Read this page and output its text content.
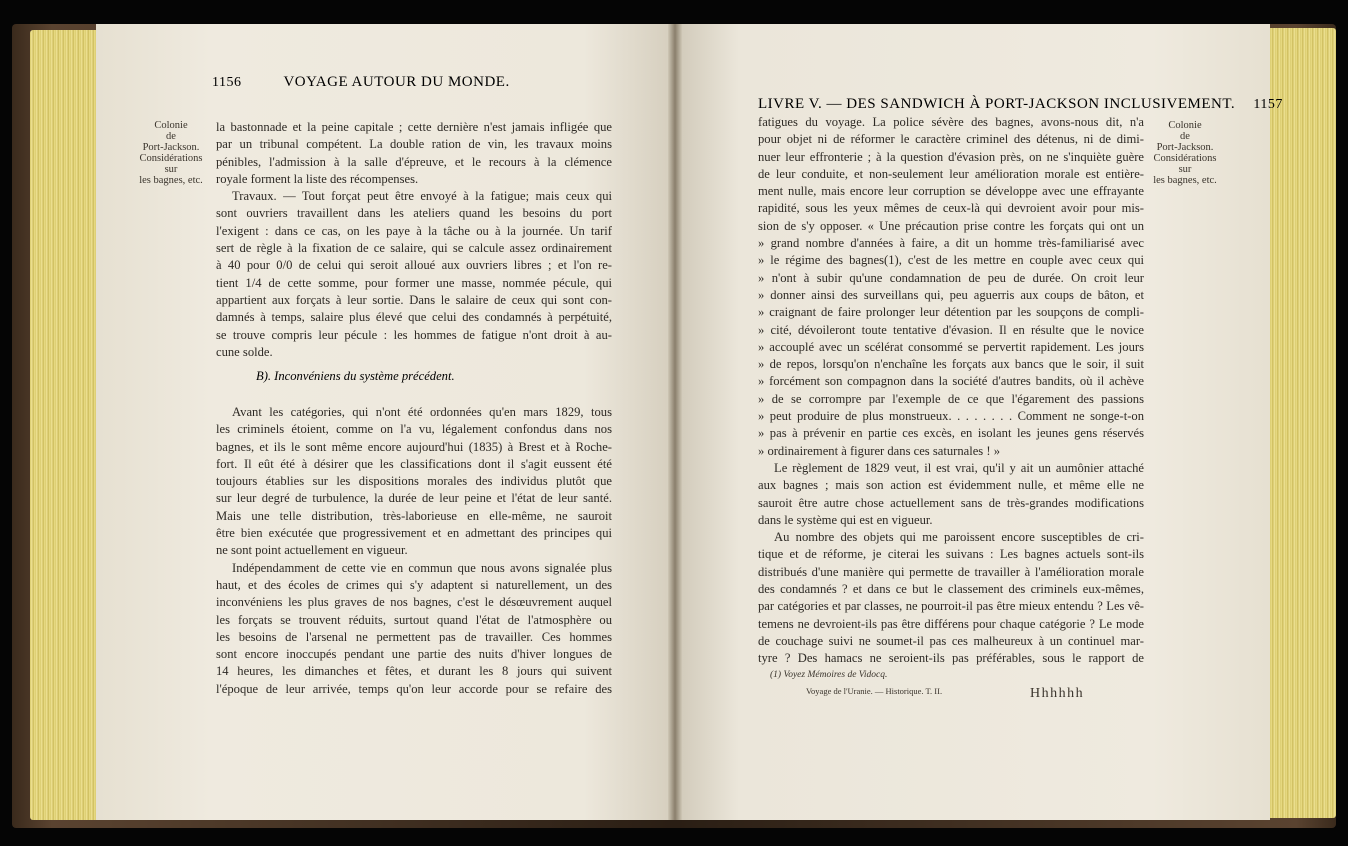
1156	VOYAGE AUTOUR DU MONDE.
Colonie
de
Port-Jackson.
Considérations
sur
les bagnes, etc.
la bastonnade et la peine capitale ; cette dernière n'est jamais infligée que
par un tribunal compétent. La double ration de vin, les travaux moins
pénibles, l'admission à la salle d'épreuve, et le recours à la clémence
royale forment la liste des récompenses.
Travaux. — Tout forçat peut être envoyé à la fatigue; mais ceux qui
sont ouvriers travaillent dans les ateliers quand les besoins du port
l'exigent : dans ce cas, on les paye à la tâche ou à la journée. Un tarif
sert de règle à la fixation de ce salaire, qui se calcule assez ordinairement
à 40 pour 0/0 de celui qui seroit alloué aux ouvriers libres ; et l'on re-
tient 1/4 de cette somme, pour former une masse, nommée pécule, qui
appartient aux forçats à leur sortie. Dans le salaire de ceux qui sont con-
damnés à temps, salaire plus élevé que celui des condamnés à perpétuité,
se trouve compris leur pécule : les hommes de fatigue n'ont droit à au-
cune solde.
B). Inconvéniens du système précédent.
Avant les catégories, qui n'ont été ordonnées qu'en mars 1829, tous
les criminels étoient, comme on l'a vu, légalement confondus dans nos
bagnes, et ils le sont même encore aujourd'hui (1835) à Brest et à Roche-
fort. Il eût été à désirer que les classifications dont il s'agit eussent été
toujours établies sur les dispositions morales des individus plutôt que
sur leur degré de turbulence, la durée de leur peine et l'état de leur santé.
Mais une telle distribution, très-laborieuse en elle-même, ne sauroit
être bien exécutée que progressivement et en admettant des principes qui
ne sont point actuellement en vigueur.
Indépendamment de cette vie en commun que nous avons signalée plus
haut, et des écoles de crimes qui s'y adaptent si naturellement, un des
inconvéniens les plus graves de nos bagnes, c'est le désœuvrement auquel
les forçats se trouvent réduits, surtout quand l'état de l'atmosphère ou
les besoins de l'arsenal ne permettent pas de travailler. Ces hommes
sont encore inoccupés pendant une partie des nuits d'hiver longues de
14 heures, les dimanches et fêtes, et durant les 8 jours qui suivent
l'époque de leur arrivée, temps qu'on leur accorde pour se refaire des
LIVRE V. — DES SANDWICH À PORT-JACKSON INCLUSIVEMENT. 1157
Colonie
de
Port-Jackson.
Considérations
sur
les bagnes, etc.
fatigues du voyage. La police sévère des bagnes, avons-nous dit, n'a
pour objet ni de réformer le caractère criminel des détenus, ni de dimi-
nuer leur effronterie ; à la question d'évasion près, on ne s'inquiète guère
de leur conduite, et non-seulement leur amélioration morale est entière-
ment nulle, mais encore leur corruption se développe avec une effrayante
rapidité, sous les yeux mêmes de ceux-là qui devroient avoir pour mis-
sion de s'y opposer. « Une précaution prise contre les forçats qui ont un
» grand nombre d'années à faire, a dit un homme très-familiarisé avec
» le régime des bagnes(1), c'est de les mettre en couple avec ceux qui
» n'ont à subir qu'une condamnation de peu de durée. On croit leur
» donner ainsi des surveillans qui, peu aguerris aux coups de bâton, et
» craignant de faire prolonger leur détention par les soupçons de compli-
» cité, dévoileront toute tentative d'évasion. Il en résulte que le novice
» accouplé avec un scélérat consommé se pervertit rapidement. Les jours
» de repos, lorsqu'on n'enchaîne les forçats aux bancs que le soir, il suit
» forcément son compagnon dans la société d'autres bandits, où il achève
» de se corrompre par l'exemple de ce que l'égarement des passions
» peut produire de plus monstrueux. . . . . . . . Comment ne songe-t-on
» pas à prévenir en partie ces excès, en isolant les jeunes gens réservés
» ordinairement à figurer dans ces saturnales ! »
Le règlement de 1829 veut, il est vrai, qu'il y ait un aumônier attaché
aux bagnes ; mais son action est évidemment nulle, et même elle ne
sauroit être autre chose actuellement sans de très-grandes modifications
dans le système qui est en vigueur.
Au nombre des objets qui me paroissent encore susceptibles de cri-
tique et de réforme, je citerai les suivans : Les bagnes actuels sont-ils
distribués d'une manière qui permette de travailler à l'amélioration morale
des condamnés ? et dans ce but le classement des criminels eux-mêmes,
par catégories et par classes, ne pourroit-il pas être mieux entendu ? Les vê-
temens ne devroient-ils pas être différens pour chaque catégorie ? Le mode
de couchage suivi ne soumet-il pas ces malheureux à un continuel mar-
tyre ? Des hamacs ne seroient-ils pas préférables, sous le rapport de
(1) Voyez Mémoires de Vidocq.
Voyage de l'Uranie. — Historique. T. II.	Hhhhhh
